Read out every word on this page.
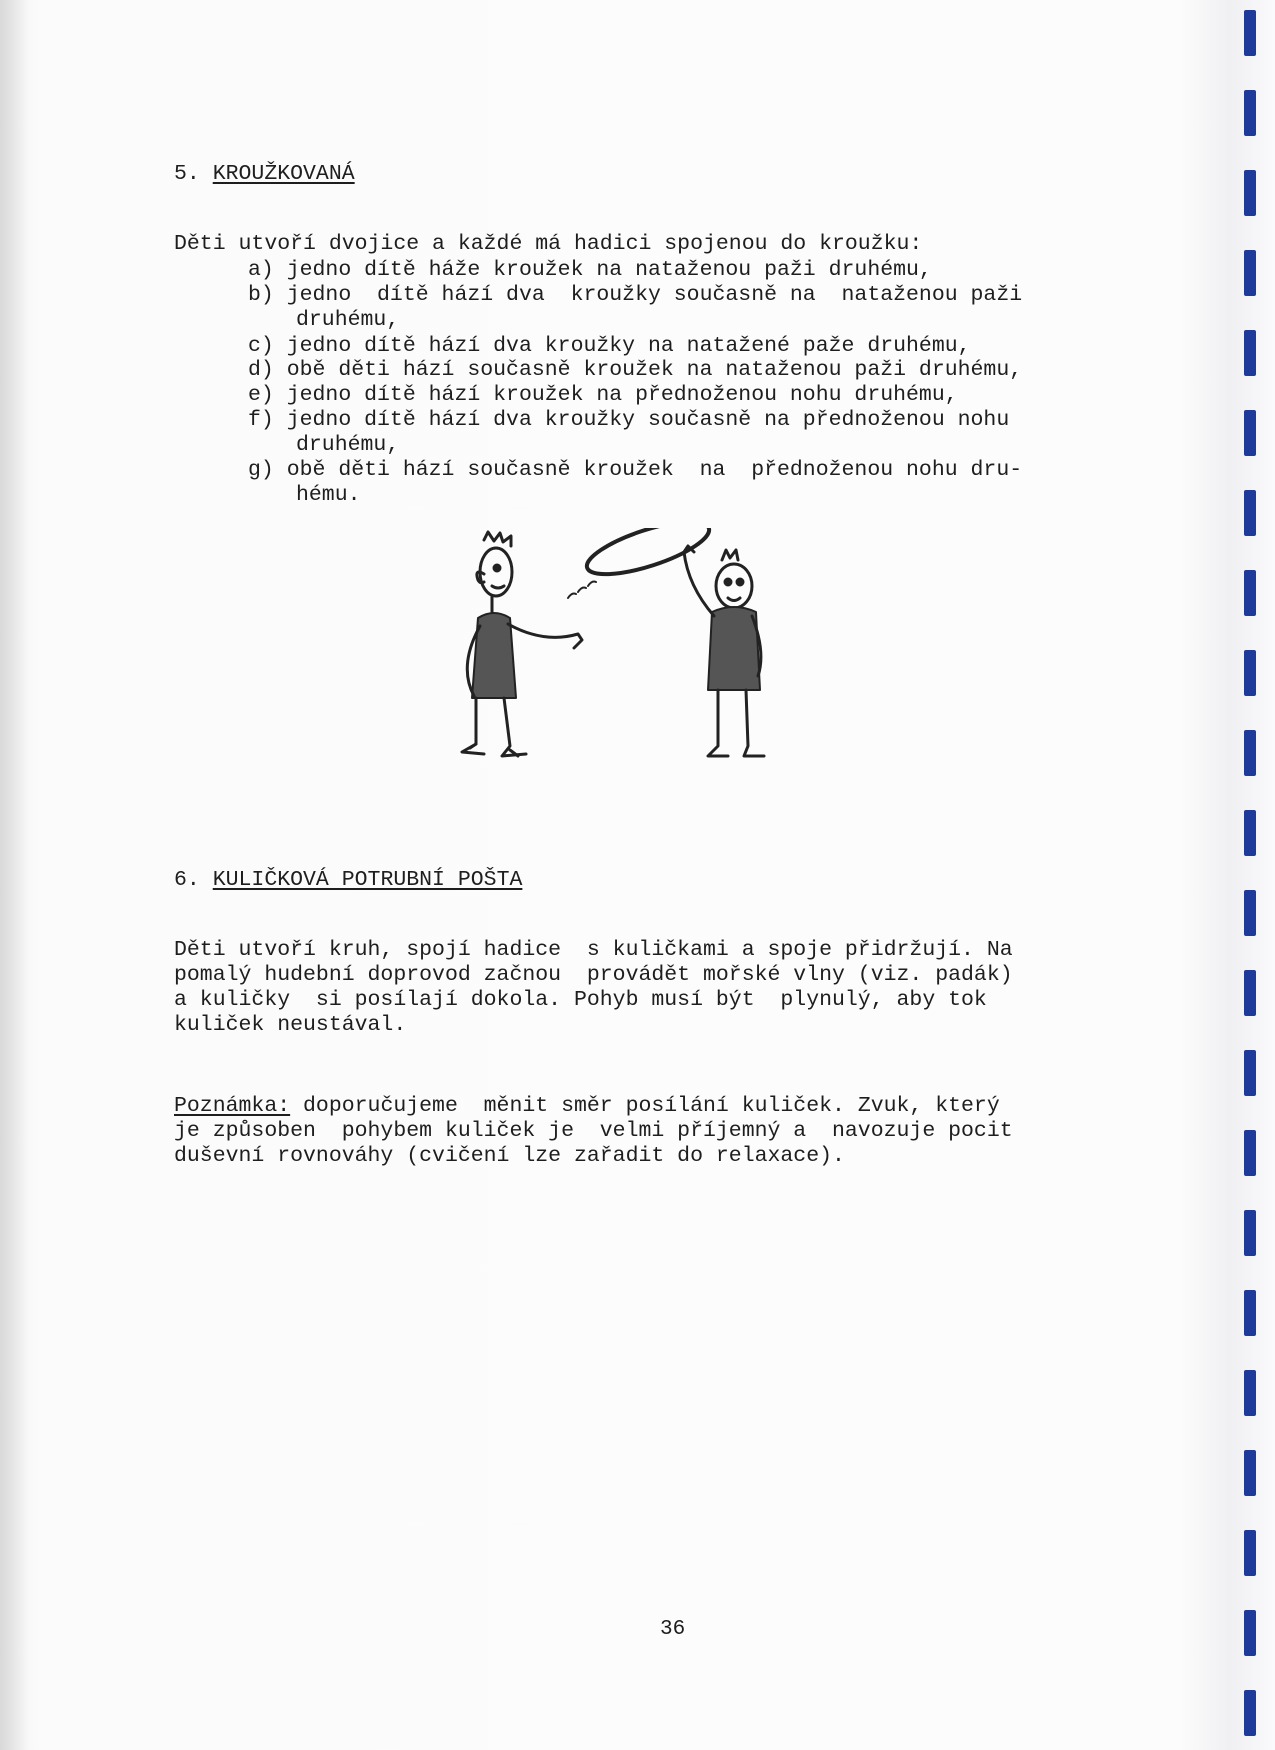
5. KROUŽKOVANÁ
Děti utvoří dvojice a každé má hadici spojenou do kroužku:
a) jedno dítě háže kroužek na nataženou paži druhému,
b) jedno  dítě hází dva  kroužky současně na  nataženou paži
druhému,
c) jedno dítě hází dva kroužky na natažené paže druhému,
d) obě děti hází současně kroužek na nataženou paži druhému,
e) jedno dítě hází kroužek na přednoženou nohu druhému,
f) jedno dítě hází dva kroužky současně na přednoženou nohu
druhému,
g) obě děti hází současně kroužek  na  přednoženou nohu dru-
hému.
6. KULIČKOVÁ POTRUBNÍ POŠTA
Děti utvoří kruh, spojí hadice  s kuličkami a spoje přidržují. Na
pomalý hudební doprovod začnou  provádět mořské vlny (viz. padák)
a kuličky  si posílají dokola. Pohyb musí být  plynulý, aby tok
kuliček neustával.
Poznámka: doporučujeme  měnit směr posílání kuliček. Zvuk, který
je způsoben  pohybem kuliček je  velmi příjemný a  navozuje pocit
duševní rovnováhy (cvičení lze zařadit do relaxace).
36
